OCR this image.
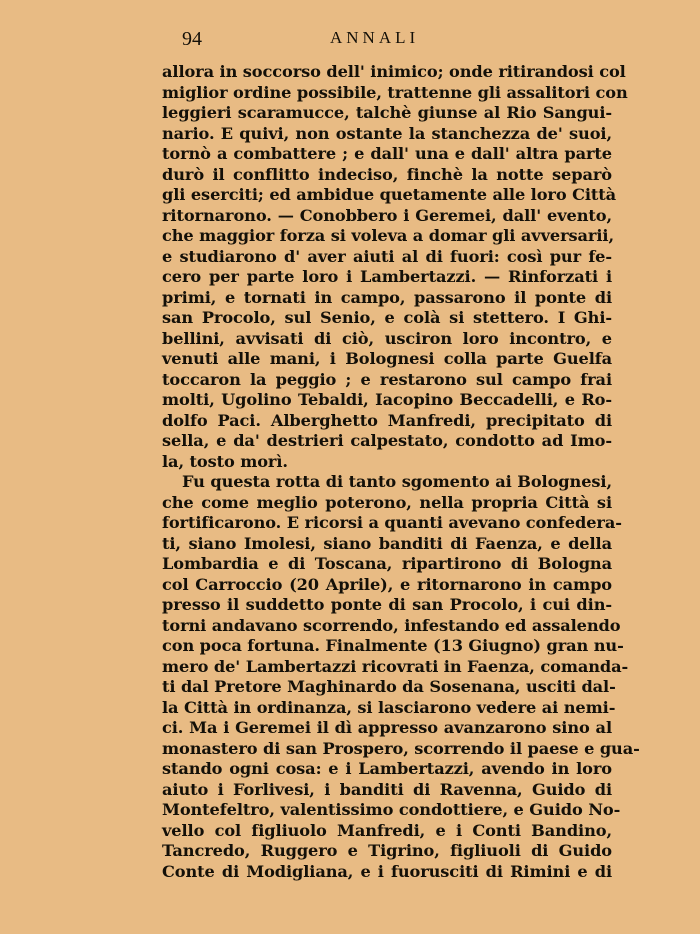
94	ANNALI
allora in soccorso dell' inimico; onde ritirandosi col
miglior ordine possibile, trattenne gli assalitori con
leggieri scaramucce, talchè giunse al Rio Sangui-
nario. E quivi, non ostante la stanchezza de' suoi,
tornò a combattere ; e dall' una e dall' altra parte
durò il conflitto indeciso, finchè la notte separò
gli eserciti; ed ambidue quetamente alle loro Città
ritornarono. — Conobbero i Geremei, dall' evento,
che maggior forza si voleva a domar gli avversarii,
e studiarono d' aver aiuti al di fuori: così pur fe-
cero per parte loro i Lambertazzi. — Rinforzati i
primi, e tornati in campo, passarono il ponte di
san Procolo, sul Senio, e colà si stettero. I Ghi-
bellini, avvisati di ciò, usciron loro incontro, e
venuti alle mani, i Bolognesi colla parte Guelfa
toccaron la peggio ; e restarono sul campo frai
molti, Ugolino Tebaldi, Iacopino Beccadelli, e Ro-
dolfo Paci. Alberghetto Manfredi, precipitato di
sella, e da' destrieri calpestato, condotto ad Imo-
la, tosto morì.
Fu questa rotta di tanto sgomento ai Bolognesi,
che come meglio poterono, nella propria Città si
fortificarono. E ricorsi a quanti avevano confedera-
ti, siano Imolesi, siano banditi di Faenza, e della
Lombardia e di Toscana, ripartirono di Bologna
col Carroccio (20 Aprile), e ritornarono in campo
presso il suddetto ponte di san Procolo, i cui din-
torni andavano scorrendo, infestando ed assalendo
con poca fortuna. Finalmente (13 Giugno) gran nu-
mero de' Lambertazzi ricovrati in Faenza, comanda-
ti dal Pretore Maghinardo da Sosenana, usciti dal-
la Città in ordinanza, si lasciarono vedere ai nemi-
ci. Ma i Geremei il dì appresso avanzarono sino al
monastero di san Prospero, scorrendo il paese e gua-
stando ogni cosa: e i Lambertazzi, avendo in loro
aiuto i Forlivesi, i banditi di Ravenna, Guido di
Montefeltro, valentissimo condottiere, e Guido No-
vello col figliuolo Manfredi, e i Conti Bandino,
Tancredo, Ruggero e Tigrino, figliuoli di Guido
Conte di Modigliana, e i fuorusciti di Rimini e di
